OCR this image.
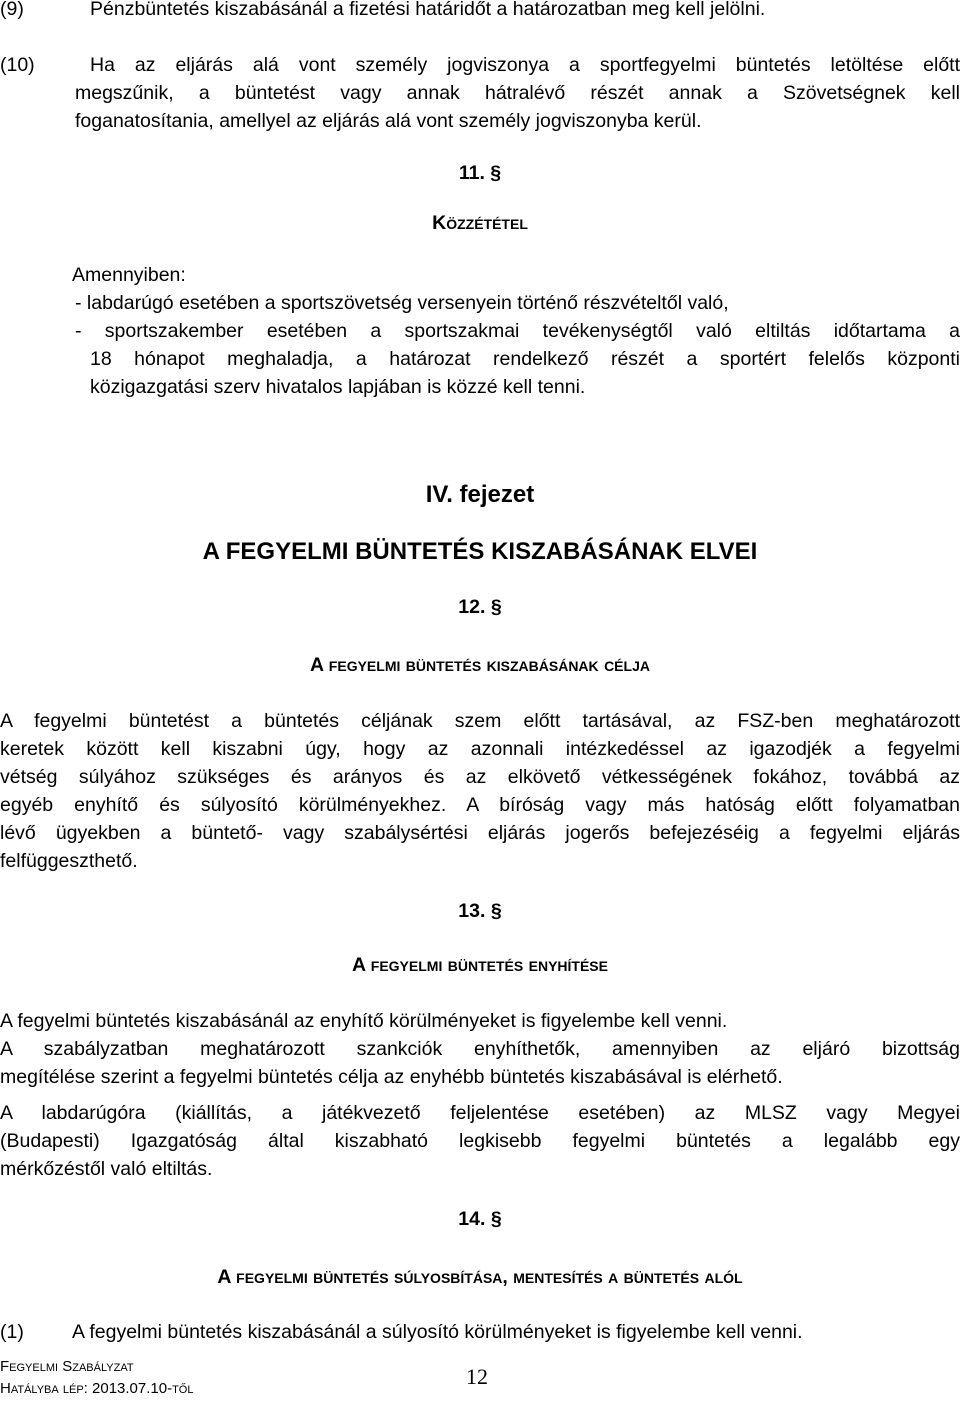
(9)	Pénzbüntetés kiszabásánál a fizetési határidőt a határozatban meg kell jelölni.
(10)	Ha az eljárás alá vont személy jogviszonya a sportfegyelmi büntetés letöltése előtt
megszűnik, a büntetést vagy annak hátralévő részét annak a Szövetségnek kell
foganatosítania, amellyel az eljárás alá vont személy jogviszonyba kerül.
11. §
Közzététel
Amennyiben:
- labdarúgó esetében a sportszövetség versenyein történő részvételtől való,
- sportszakember esetében a sportszakmai tevékenységtől való eltiltás időtartama a
18 hónapot meghaladja, a határozat rendelkező részét a sportért felelős központi
közigazgatási szerv hivatalos lapjában is közzé kell tenni.
IV. fejezet
A FEGYELMI BÜNTETÉS KISZABÁSÁNAK ELVEI
12. §
A fegyelmi büntetés kiszabásának célja
A fegyelmi büntetést a büntetés céljának szem előtt tartásával, az FSZ-ben meghatározott
keretek között kell kiszabni úgy, hogy az azonnali intézkedéssel az igazodjék a fegyelmi
vétség súlyához szükséges és arányos és az elkövető vétkességének fokához, továbbá az
egyéb enyhítő és súlyosító körülményekhez. A bíróság vagy más hatóság előtt folyamatban
lévő ügyekben a büntető- vagy szabálysértési eljárás jogerős befejezéséig a fegyelmi eljárás
felfüggeszthető.
13. §
A fegyelmi büntetés enyhítése
A fegyelmi büntetés kiszabásánál az enyhítő körülményeket is figyelembe kell venni.
A szabályzatban meghatározott szankciók enyhíthetők, amennyiben az eljáró bizottság
megítélése szerint a fegyelmi büntetés célja az enyhébb büntetés kiszabásával is elérhető.
A labdarúgóra (kiállítás, a játékvezető feljelentése esetében) az MLSZ vagy Megyei
(Budapesti) Igazgatóság által kiszabható legkisebb fegyelmi büntetés a legalább egy
mérkőzéstől való eltiltás.
14. §
A fegyelmi büntetés súlyosbítása, mentesítés a büntetés alól
(1) A fegyelmi büntetés kiszabásánál a súlyosító körülményeket is figyelembe kell venni.
Fegyelmi Szabályzat
Hatályba lép: 2013.07.10-től	12
